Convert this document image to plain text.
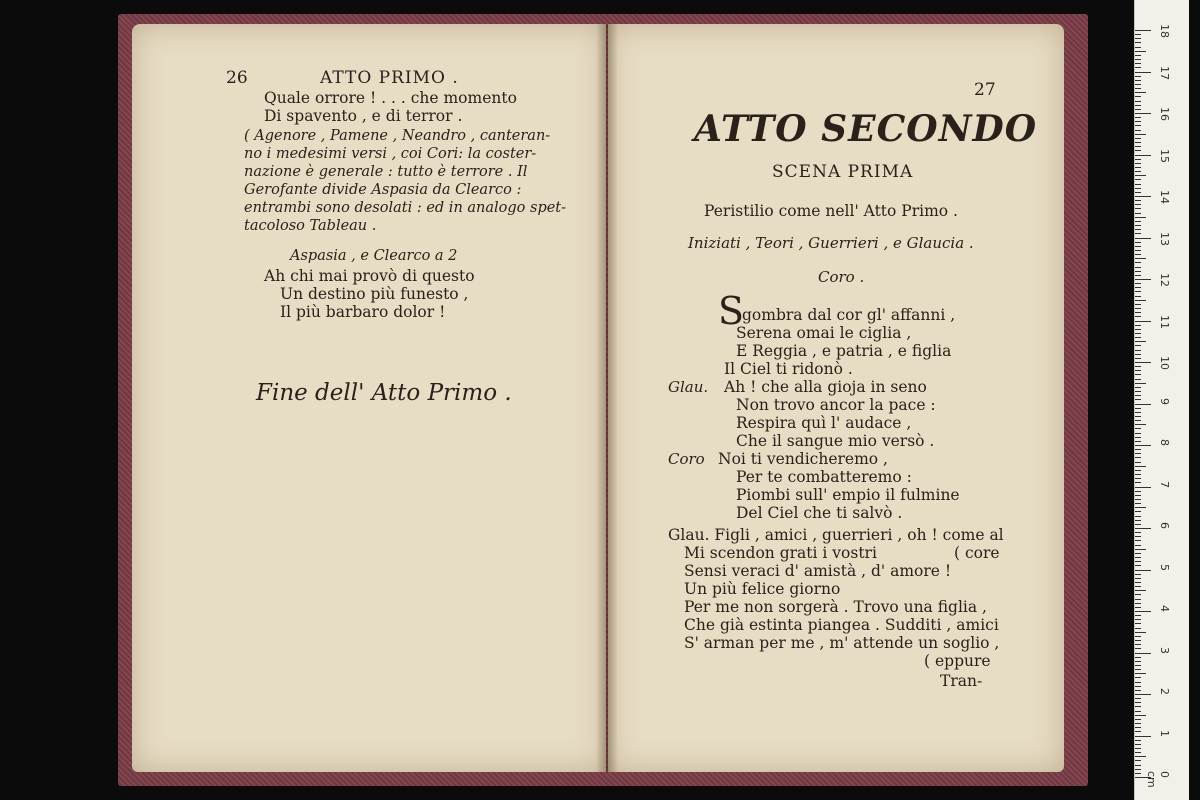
26	ATTO PRIMO .
Quale orrore ! . . . che momento
Di spavento , e di terror .
( Agenore , Pamene , Neandro , canteran-
no i medesimi versi , coi Cori: la coster-
nazione è generale : tutto è terrore . Il
Gerofante divide Aspasia da Clearco :
entrambi sono desolati : ed in analogo spet-
tacoloso Tableau .
Aspasia , e Clearco a 2
Ah chi mai provò di questo
Un destino più funesto ,
Il più barbaro dolor !
Fine dell' Atto Primo .
27
ATTO SECONDO
SCENA PRIMA
Peristilio come nell' Atto Primo .
Iniziati , Teori , Guerrieri , e Glaucia .
Coro .
S
gombra dal cor gl' affanni ,
Serena omai le ciglia ,
E Reggia , e patria , e figlia
Il Ciel ti ridonò .
Glau. Ah ! che alla gioja in seno
Non trovo ancor la pace :
Respira quì l' audace ,
Che il sangue mio versò .
Coro Noi ti vendicheremo ,
Per te combatteremo :
Piombi sull' empio il fulmine
Del Ciel che ti salvò .
Glau. Figli , amici , guerrieri , oh ! come al
Mi scendon grati i vostri	( core
Sensi veraci d' amistà , d' amore !
Un più felice giorno
Per me non sorgerà . Trovo una figlia ,
Che già estinta piangea . Sudditi , amici
S' arman per me , m' attende un soglio ,
( eppure
Tran-
18
17
16
15
14
13
12
11
10
9
8
7
6
5
4
3
2
1
0 cm
